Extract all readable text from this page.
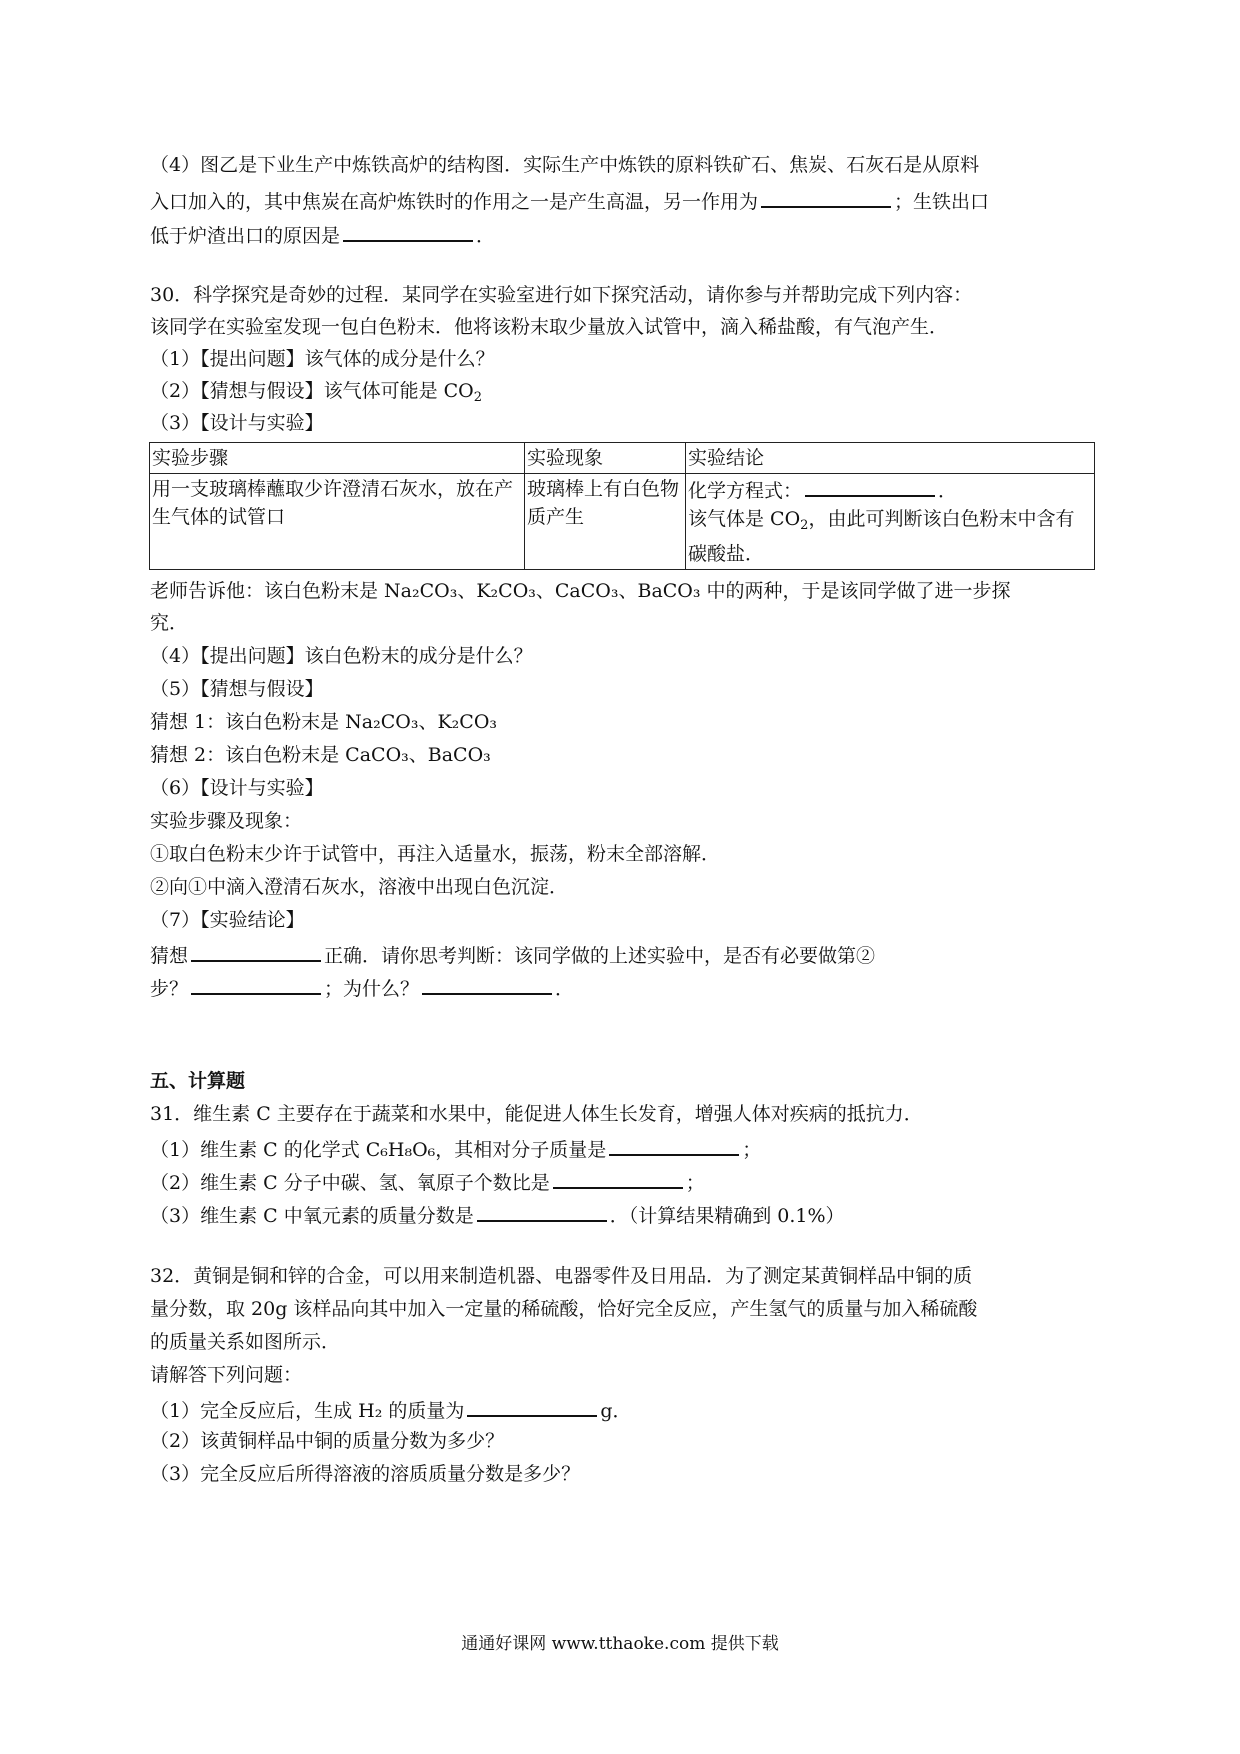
（4）图乙是下业生产中炼铁高炉的结构图．实际生产中炼铁的原料铁矿石、焦炭、石灰石是从原料
入口加入的，其中焦炭在高炉炼铁时的作用之一是产生高温，另一作用为	；生铁出口
低于炉渣出口的原因是	．
30．科学探究是奇妙的过程．某同学在实验室进行如下探究活动，请你参与并帮助完成下列内容：
该同学在实验室发现一包白色粉末．他将该粉末取少量放入试管中，滴入稀盐酸，有气泡产生．
（1）【提出问题】该气体的成分是什么？
（2）【猜想与假设】该气体可能是 $CO_2$
（3）【设计与实验】
实验步骤	实验现象	实验结论
用一支玻璃棒蘸取少许澄清石灰水，放在产生气体的试管口	玻璃棒上有白色物质产生	化学方程式： ．
该气体是 $CO_2$，由此可判断该白色粉末中含有碳酸盐．
老师告诉他：该白色粉末是 Na₂CO₃、K₂CO₃、CaCO₃、BaCO₃ 中的两种，于是该同学做了进一步探
究．
（4）【提出问题】该白色粉末的成分是什么？
（5）【猜想与假设】
猜想 1：该白色粉末是 Na₂CO₃、K₂CO₃
猜想 2：该白色粉末是 CaCO₃、BaCO₃
（6）【设计与实验】
实验步骤及现象：
①取白色粉末少许于试管中，再注入适量水，振荡，粉末全部溶解．
②向①中滴入澄清石灰水，溶液中出现白色沉淀．
（7）【实验结论】
猜想	正确．请你思考判断：该同学做的上述实验中，是否有必要做第②
步？	；为什么？	．
五、计算题
31．维生素 C 主要存在于蔬菜和水果中，能促进人体生长发育，增强人体对疾病的抵抗力．
（1）维生素 C 的化学式 C₆H₈O₆，其相对分子质量是	；
（2）维生素 C 分子中碳、氢、氧原子个数比是	；
（3）维生素 C 中氧元素的质量分数是	．（计算结果精确到 0.1%）
32．黄铜是铜和锌的合金，可以用来制造机器、电器零件及日用品．为了测定某黄铜样品中铜的质
量分数，取 20g 该样品向其中加入一定量的稀硫酸，恰好完全反应，产生氢气的质量与加入稀硫酸
的质量关系如图所示．
请解答下列问题：
（1）完全反应后，生成 H₂ 的质量为	g．
（2）该黄铜样品中铜的质量分数为多少？
（3）完全反应后所得溶液的溶质质量分数是多少？
通通好课网 www.tthaoke.com 提供下载
